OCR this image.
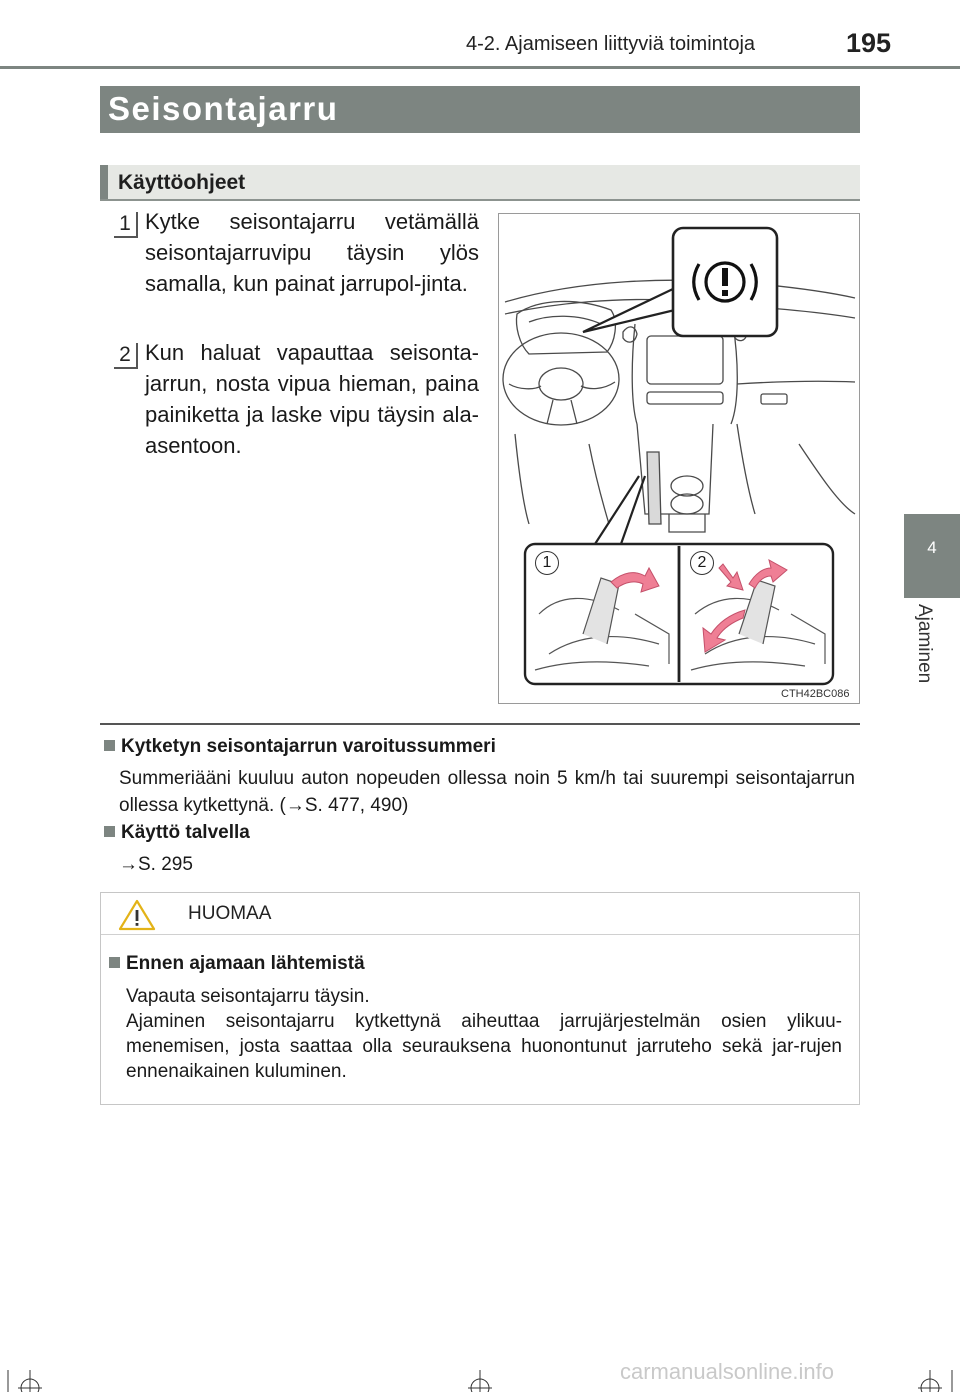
4-2. Ajamiseen liittyviä toimintoja	195
4
Ajaminen
Seisontajarru
Käyttöohjeet
1 Kytke seisontajarru vetämällä seisontajarruvipu täysin ylös samalla, kun painat jarrupol-jinta.
2 Kun haluat vapauttaa seisonta-jarrun, nosta vipua hieman, paina painiketta ja laske vipu täysin ala-asentoon.
1	2
CTH42BC086
Kytketyn seisontajarrun varoitussummeri
Summeriääni kuuluu auton nopeuden ollessa noin 5 km/h tai suurempi seisontajarrun ollessa kytkettynä. (→S. 477, 490)
Käyttö talvella
→S. 295
HUOMAA
Ennen ajamaan lähtemistä
Vapauta seisontajarru täysin.
Ajaminen seisontajarru kytkettynä aiheuttaa jarrujärjestelmän osien ylikuu-menemisen, josta saattaa olla seurauksena huonontunut jarruteho sekä jar-rujen ennenaikainen kuluminen.
carmanualsonline.info
